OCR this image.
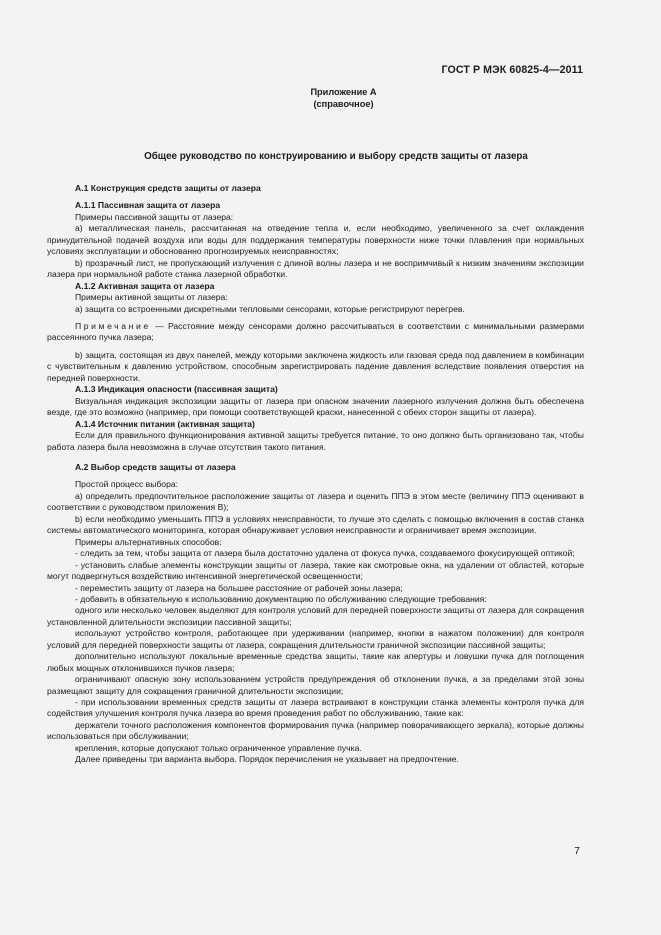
ГОСТ Р МЭК 60825-4—2011
Приложение А
(справочное)
Общее руководство по конструированию и выбору средств защиты от лазера

А.1 Конструкция средств защиты от лазера

А.1.1 Пассивная защита от лазера

Примеры пассивной защиты от лазера:

а) металлическая панель, рассчитанная на отведение тепла и, если необходимо, увеличенного за счет охлаждения принудительной подачей воздуха или воды для поддержания температуры поверхности ниже точки плавления при нормальных условиях эксплуатации и обоснованно прогнозируемых неисправностях;

b) прозрачный лист, не пропускающий излучения с длиной волны лазера и не воспримчивый к низким значениям экспозиции лазера при нормальной работе станка лазерной обработки.

А.1.2 Активная защита от лазера

Примеры активной защиты от лазера:

а) защита со встроенными дискретными тепловыми сенсорами, которые регистрируют перегрев.

Примечание — Расстояние между сенсорами должно рассчитываться в соответствии с минимальными размерами рассеянного пучка лазера;

b) защита, состоящая из двух панелей, между которыми заключена жидкость или газовая среда под давлением в комбинации с чувствительным к давлению устройством, способным зарегистрировать падение давления вследствие появления отверстия на передней поверхности.

А.1.3 Индикация опасности (пассивная защита)

Визуальная индикация экспозиции защиты от лазера при опасном значении лазерного излучения должна быть обеспечена везде, где это возможно (например, при помощи соответствующей краски, нанесенной с обеих сторон защиты от лазера).

А.1.4 Источник питания (активная защита)

Если для правильного функционирования активной защиты требуется питание, то оно должно быть организовано так, чтобы работа лазера была невозможна в случае отсутствия такого питания.

А.2 Выбор средств защиты от лазера

Простой процесс выбора:

а) определить предпочтительное расположение защиты от лазера и оценить ППЭ в этом месте (величину ППЭ оценивают в соответствии с руководством приложения В);

b) если необходимо уменьшить ППЭ в условиях неисправности, то лучше это сделать с помощью включения в состав станка системы автоматического мониторинга, которая обнаруживает условия неисправности и ограничивает время экспозиции.

Примеры альтернативных способов:

- следить за тем, чтобы защита от лазера была достаточно удалена от фокуса пучка, создаваемого фокусирующей оптикой;

- установить слабые элементы конструкции защиты от лазера, такие как смотровые окна, на удалении от областей, которые могут подвергнуться воздействию интенсивной энергетической освещенности;

- переместить защиту от лазера на большее расстояние от рабочей зоны лазера;

- добавить в обязательную к использованию документацию по обслуживанию следующие требования:

одного или несколько человек выделяют для контроля условий для передней поверхности защиты от лазера для сокращения установленной длительности экспозиции пассивной защиты;

используют устройство контроля, работающее при удерживании (например, кнопки в нажатом положении) для контроля условий для передней поверхности защиты от лазера, сокращения длительности граничной экспозиции пассивной защиты;

дополнительно используют локальные временные средства защиты, такие как апертуры и ловушки пучка для поглощения любых мощных отклонившихся пучков лазера;

ограничивают опасную зону использованием устройств предупреждения об отклонении пучка, а за пределами этой зоны размещают защиту для сокращения граничной длительности экспозиции;

- при использовании временных средств защиты от лазера встраивают в конструкции станка элементы контроля пучка для содействия улучшения контроля пучка лазера во время проведения работ по обслуживанию, такие как:

держатели точного расположения компонентов формирования пучка (например поворачивающего зеркала), которые должны использоваться при обслуживании;

крепления, которые допускают только ограниченное управление пучка.

Далее приведены три варианта выбора. Порядок перечисления не указывает на предпочтение.

7
